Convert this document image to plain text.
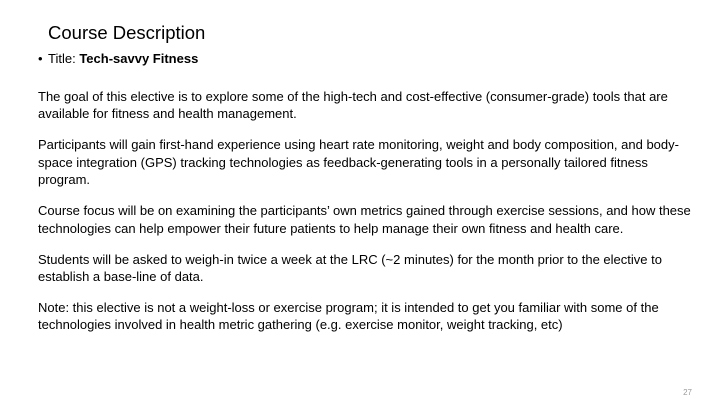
Course Description
• Title: Tech-savvy Fitness

The goal of this elective is to explore some of the high-tech and cost-effective (consumer-grade) tools that are available for fitness and health management.

Participants will gain first-hand experience using heart rate monitoring, weight and body composition, and body-space integration (GPS) tracking technologies as feedback-generating tools in a personally tailored fitness program.

Course focus will be on examining the participants’ own metrics gained through exercise sessions, and how these technologies can help empower their future patients to help manage their own fitness and health care.

Students will be asked to weigh-in twice a week at the LRC (~2 minutes) for the month prior to the elective to establish a base-line of data.

Note: this elective is not a weight-loss or exercise program; it is intended to get you familiar with some of the technologies involved in health metric gathering (e.g. exercise monitor, weight tracking, etc)

27
